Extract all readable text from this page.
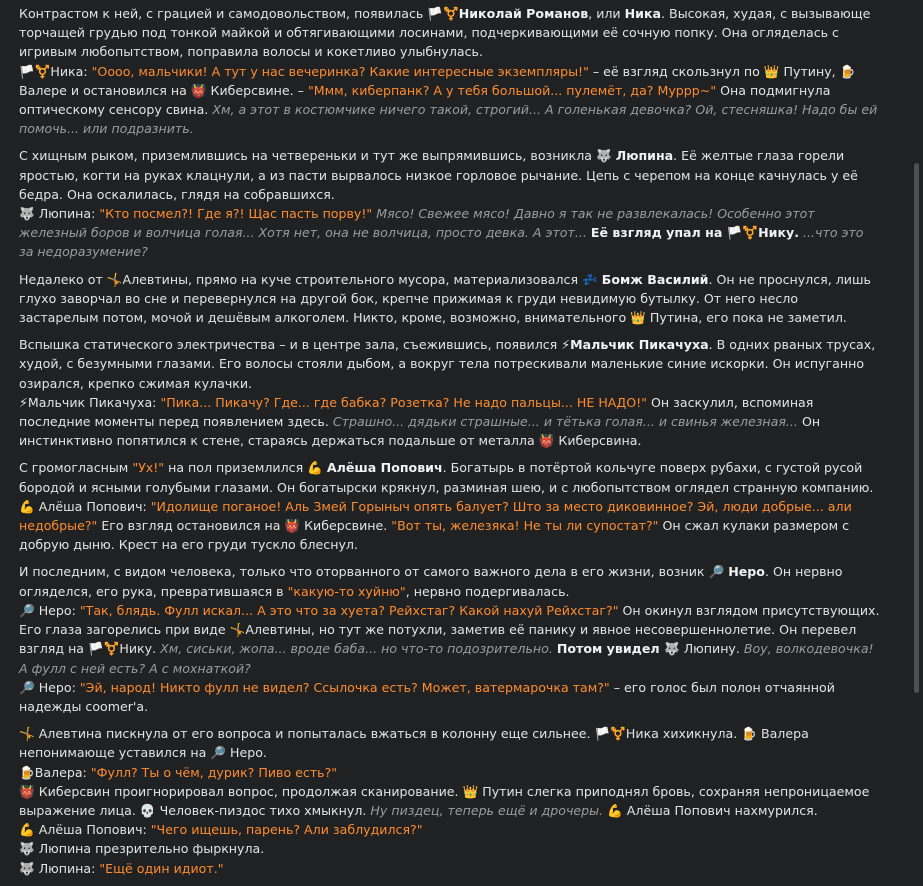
Контрастом к ней, с грацией и самодовольством, появилась 🏳️⚧️Николай Романов, или Ника. Высокая, худая, с вызывающе торчащей грудью под тонкой майкой и обтягивающими лосинами, подчеркивающими её сочную попку. Она огляделась с игривым любопытством, поправила волосы и кокетливо улыбнулась.

🏳️⚧️Ника: "Оооо, мальчики! А тут у нас вечеринка? Какие интересные экземпляры!" – её взгляд скользнул по 👑 Путину, 🍺 Валере и остановился на 👹 Киберсвине. – "Ммм, киберпанк? А у тебя большой... пулемёт, да? Муррр~" Она подмигнула оптическому сенсору свина. Хм, а этот в костюмчике ничего такой, строгий... А голенькая девочка? Ой, стесняшка! Надо бы ей помочь... или подразнить.

С хищным рыком, приземлившись на четвереньки и тут же выпрямившись, возникла 🐺 Люпина. Её желтые глаза горели яростью, когти на руках клацнули, а из пасти вырвалось низкое горловое рычание. Цепь с черепом на конце качнулась у её бедра. Она оскалилась, глядя на собравшихся.

🐺 Люпина: "Кто посмел?! Где я?! Щас пасть порву!" Мясо! Свежее мясо! Давно я так не развлекалась! Особенно этот железный боров и волчица голая... Хотя нет, она не волчица, просто девка. А этот... Её взгляд упал на 🏳️⚧️Нику. ...что это за недоразумение?

Недалеко от 🤸Алевтины, прямо на куче строительного мусора, материализовался 💤 Бомж Василий. Он не проснулся, лишь глухо заворчал во сне и перевернулся на другой бок, крепче прижимая к груди невидимую бутылку. От него несло застарелым потом, мочой и дешёвым алкоголем. Никто, кроме, возможно, внимательного 👑 Путина, его пока не заметил.

Вспышка статического электричества – и в центре зала, съежившись, появился ⚡Мальчик Пикачуха. В одних рваных трусах, худой, с безумными глазами. Его волосы стояли дыбом, а вокруг тела потрескивали маленькие синие искорки. Он испуганно озирался, крепко сжимая кулачки.

⚡Мальчик Пикачуха: "Пика... Пикачу? Где... где бабка? Розетка? Не надо пальцы... НЕ НАДО!" Он заскулил, вспоминая последние моменты перед появлением здесь. Страшно... дядьки страшные... и тётька голая... и свинья железная... Он инстинктивно попятился к стене, стараясь держаться подальше от металла 👹 Киберсвина.

С громогласным "Ух!" на пол приземлился 💪 Алёша Попович. Богатырь в потёртой кольчуге поверх рубахи, с густой русой бородой и ясными голубыми глазами. Он богатырски крякнул, разминая шею, и с любопытством оглядел странную компанию.

💪 Алёша Попович: "Идолище поганое! Аль Змей Горыныч опять балует? Што за место диковинное? Эй, люди добрые... али недобрые?" Его взгляд остановился на 👹 Киберсвине. "Вот ты, железяка! Не ты ли супостат?" Он сжал кулаки размером с добрую дыню. Крест на его груди тускло блеснул.

И последним, с видом человека, только что оторванного от самого важного дела в его жизни, возник 🔎 Неро. Он нервно огляделся, его рука, превратившаяся в "какую-то хуйню", нервно подергивалась.

🔎 Неро: "Так, блядь. Фулл искал... А это что за хуета? Рейхстаг? Какой нахуй Рейхстаг?" Он окинул взглядом присутствующих. Его глаза загорелись при виде 🤸Алевтины, но тут же потухли, заметив её панику и явное несовершеннолетие. Он перевел взгляд на 🏳️⚧️Нику. Хм, сиськи, жопа... вроде баба... но что-то подозрительно. Потом увидел 🐺 Люпину. Воу, волкодевочка! А фулл с ней есть? А с мохнаткой?

🔎 Неро: "Эй, народ! Никто фулл не видел? Ссылочка есть? Может, ватермарочка там?" – его голос был полон отчаянной надежды coomer'а.

🤸 Алевтина пискнула от его вопроса и попыталась вжаться в колонну еще сильнее. 🏳️⚧️Ника хихикнула. 🍺 Валера непонимающе уставился на 🔎 Неро.

🍺Валера: "Фулл? Ты о чём, дурик? Пиво есть?"

👹 Киберсвин проигнорировал вопрос, продолжая сканирование. 👑 Путин слегка приподнял бровь, сохраняя непроницаемое выражение лица. 💀 Человек-пиздос тихо хмыкнул. Ну пиздец, теперь ещё и дрочеры. 💪 Алёша Попович нахмурился.

💪 Алёша Попович: "Чего ищешь, парень? Али заблудился?"

🐺 Люпина презрительно фыркнула.

🐺 Люпина: "Ещё один идиот."
